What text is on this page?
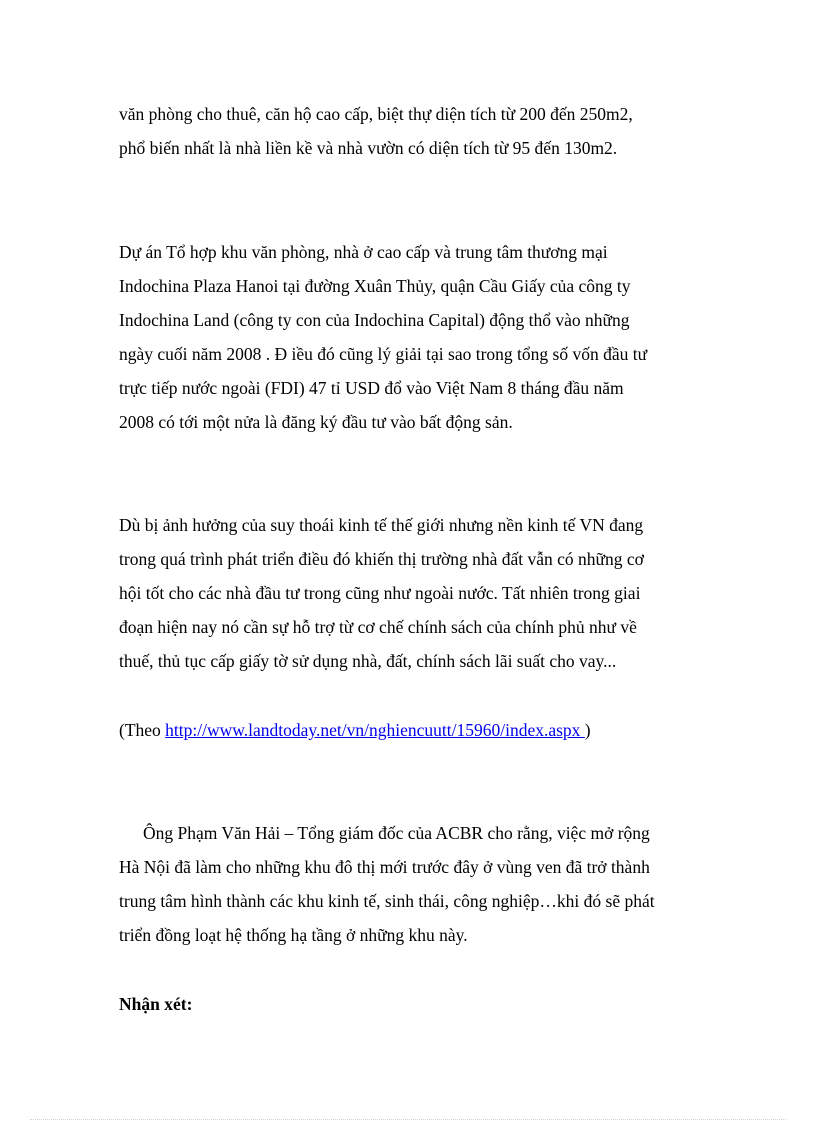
văn phòng cho thuê, căn hộ cao cấp, biệt thự diện tích từ 200 đến 250m2,
phổ biến nhất là nhà liền kề và nhà vườn có diện tích từ 95 đến 130m2.
Dự án Tổ hợp khu văn phòng, nhà ở cao cấp và trung tâm thương mại
Indochina Plaza Hanoi tại đường Xuân Thủy, quận Cầu Giấy của công ty
Indochina Land (công ty con của Indochina Capital) động thổ vào những
ngày cuối năm 2008 . Đ iều đó cũng lý giải tại sao trong tổng số vốn đầu tư
trực tiếp nước ngoài (FDI) 47 tỉ USD đổ vào Việt Nam 8 tháng đầu năm
2008 có tới một nửa là đăng ký đầu tư vào bất động sản.
Dù bị ảnh hưởng của suy thoái kinh tế thế giới nhưng nền kinh tế VN đang
trong quá trình phát triển điều đó khiến thị trường nhà đất vẫn có những cơ
hội tốt cho các nhà đầu tư trong cũng như ngoài nước. Tất nhiên trong giai
đoạn hiện nay nó cần sự hỗ trợ từ cơ chế chính sách của chính phủ như về
thuế, thủ tục cấp giấy tờ sử dụng nhà, đất, chính sách lãi suất cho vay...
(Theo http://www.landtoday.net/vn/nghiencuutt/15960/index.aspx )
Ông Phạm Văn Hải – Tổng giám đốc của ACBR cho rằng, việc mở rộng
Hà Nội đã làm cho những khu đô thị mới trước đây ở vùng ven đã trở thành
trung tâm hình thành các khu kinh tế, sinh thái, công nghiệp…khi đó sẽ phát
triển đồng loạt hệ thống hạ tầng ở những khu này.
Nhận xét:
